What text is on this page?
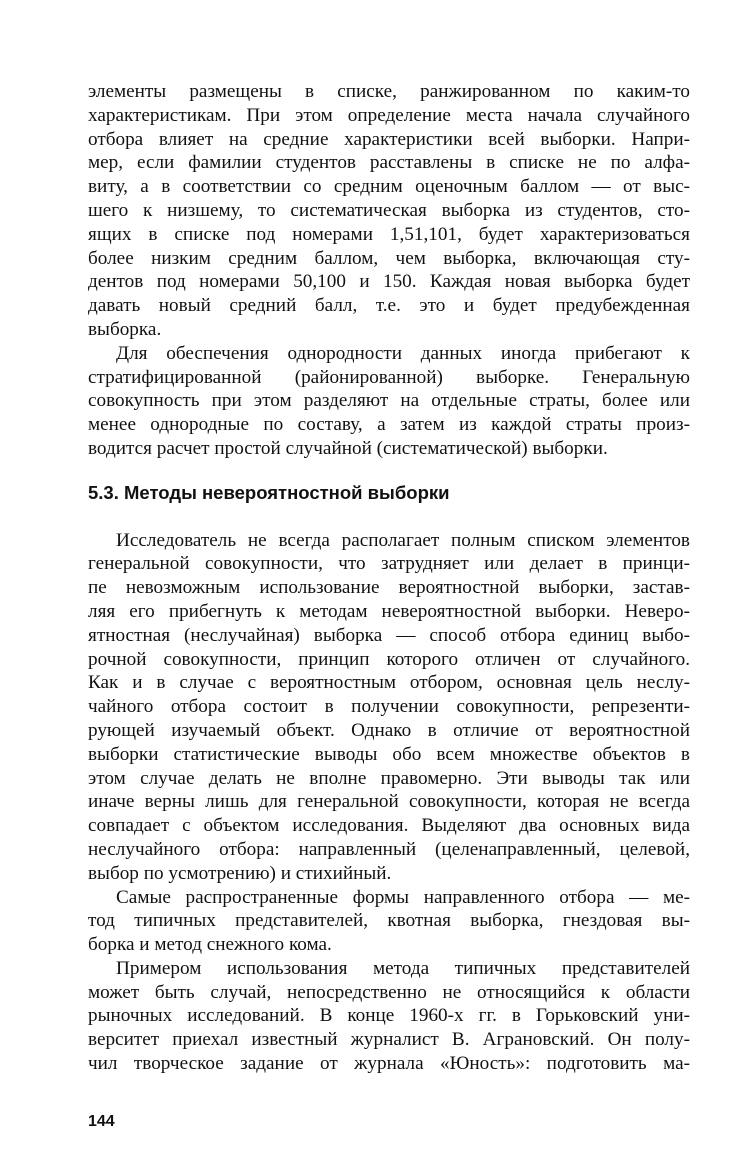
элементы размещены в списке, ранжированном по каким-то
характеристикам. При этом определение места начала случайного
отбора влияет на средние характеристики всей выборки. Напри-
мер, если фамилии студентов расставлены в списке не по алфа-
виту, а в соответствии со средним оценочным баллом — от выс-
шего к низшему, то систематическая выборка из студентов, сто-
ящих в списке под номерами 1,51,101, будет характеризоваться
более низким средним баллом, чем выборка, включающая сту-
дентов под номерами 50,100 и 150. Каждая новая выборка будет
давать новый средний балл, т.е. это и будет предубежденная
выборка.
Для обеспечения однородности данных иногда прибегают к
стратифицированной (районированной) выборке. Генеральную
совокупность при этом разделяют на отдельные страты, более или
менее однородные по составу, а затем из каждой страты произ-
водится расчет простой случайной (систематической) выборки.
5.3. Методы невероятностной выборки
Исследователь не всегда располагает полным списком элементов
генеральной совокупности, что затрудняет или делает в принци-
пе невозможным использование вероятностной выборки, застав-
ляя его прибегнуть к методам невероятностной выборки. Неверо-
ятностная (неслучайная) выборка — способ отбора единиц выбо-
рочной совокупности, принцип которого отличен от случайного.
Как и в случае с вероятностным отбором, основная цель неслу-
чайного отбора состоит в получении совокупности, репрезенти-
рующей изучаемый объект. Однако в отличие от вероятностной
выборки статистические выводы обо всем множестве объектов в
этом случае делать не вполне правомерно. Эти выводы так или
иначе верны лишь для генеральной совокупности, которая не всегда
совпадает с объектом исследования. Выделяют два основных вида
неслучайного отбора: направленный (целенаправленный, целевой,
выбор по усмотрению) и стихийный.
Самые распространенные формы направленного отбора — ме-
тод типичных представителей, квотная выборка, гнездовая вы-
борка и метод снежного кома.
Примером использования метода типичных представителей
может быть случай, непосредственно не относящийся к области
рыночных исследований. В конце 1960-х гг. в Горьковский уни-
верситет приехал известный журналист В. Аграновский. Он полу-
чил творческое задание от журнала «Юность»: подготовить ма-
144
